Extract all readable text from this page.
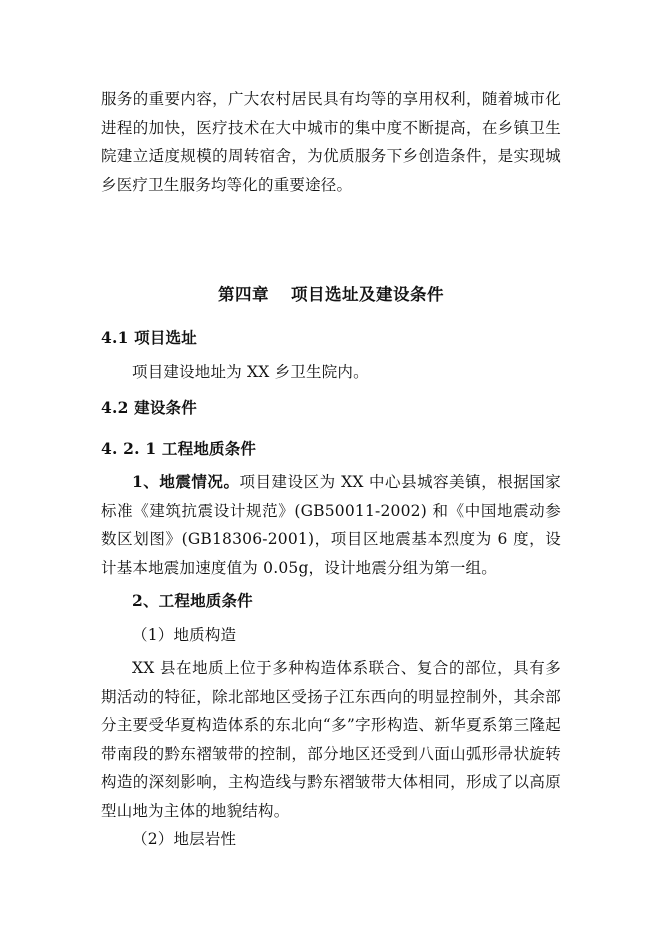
服务的重要内容，广大农村居民具有均等的享用权利，随着城市化进程的加快，医疗技术在大中城市的集中度不断提高，在乡镇卫生院建立适度规模的周转宿舍，为优质服务下乡创造条件，是实现城乡医疗卫生服务均等化的重要途径。

第四章 项目选址及建设条件
4.1 项目选址

项目建设地址为 XX 乡卫生院内。

4.2 建设条件
4. 2. 1 工程地质条件

1、地震情况。项目建设区为 XX 中心县城容美镇，根据国家标准《建筑抗震设计规范》(GB50011-2002) 和《中国地震动参数区划图》(GB18306-2001)，项目区地震基本烈度为 6 度，设计基本地震加速度值为 0.05g，设计地震分组为第一组。

2、工程地质条件

（1）地质构造

XX 县在地质上位于多种构造体系联合、复合的部位，具有多期活动的特征，除北部地区受扬子江东西向的明显控制外，其余部分主要受华夏构造体系的东北向“多”字形构造、新华夏系第三隆起带南段的黔东褶皱带的控制，部分地区还受到八面山弧形帚状旋转构造的深刻影响，主构造线与黔东褶皱带大体相同，形成了以高原型山地为主体的地貌结构。

（2）地层岩性
